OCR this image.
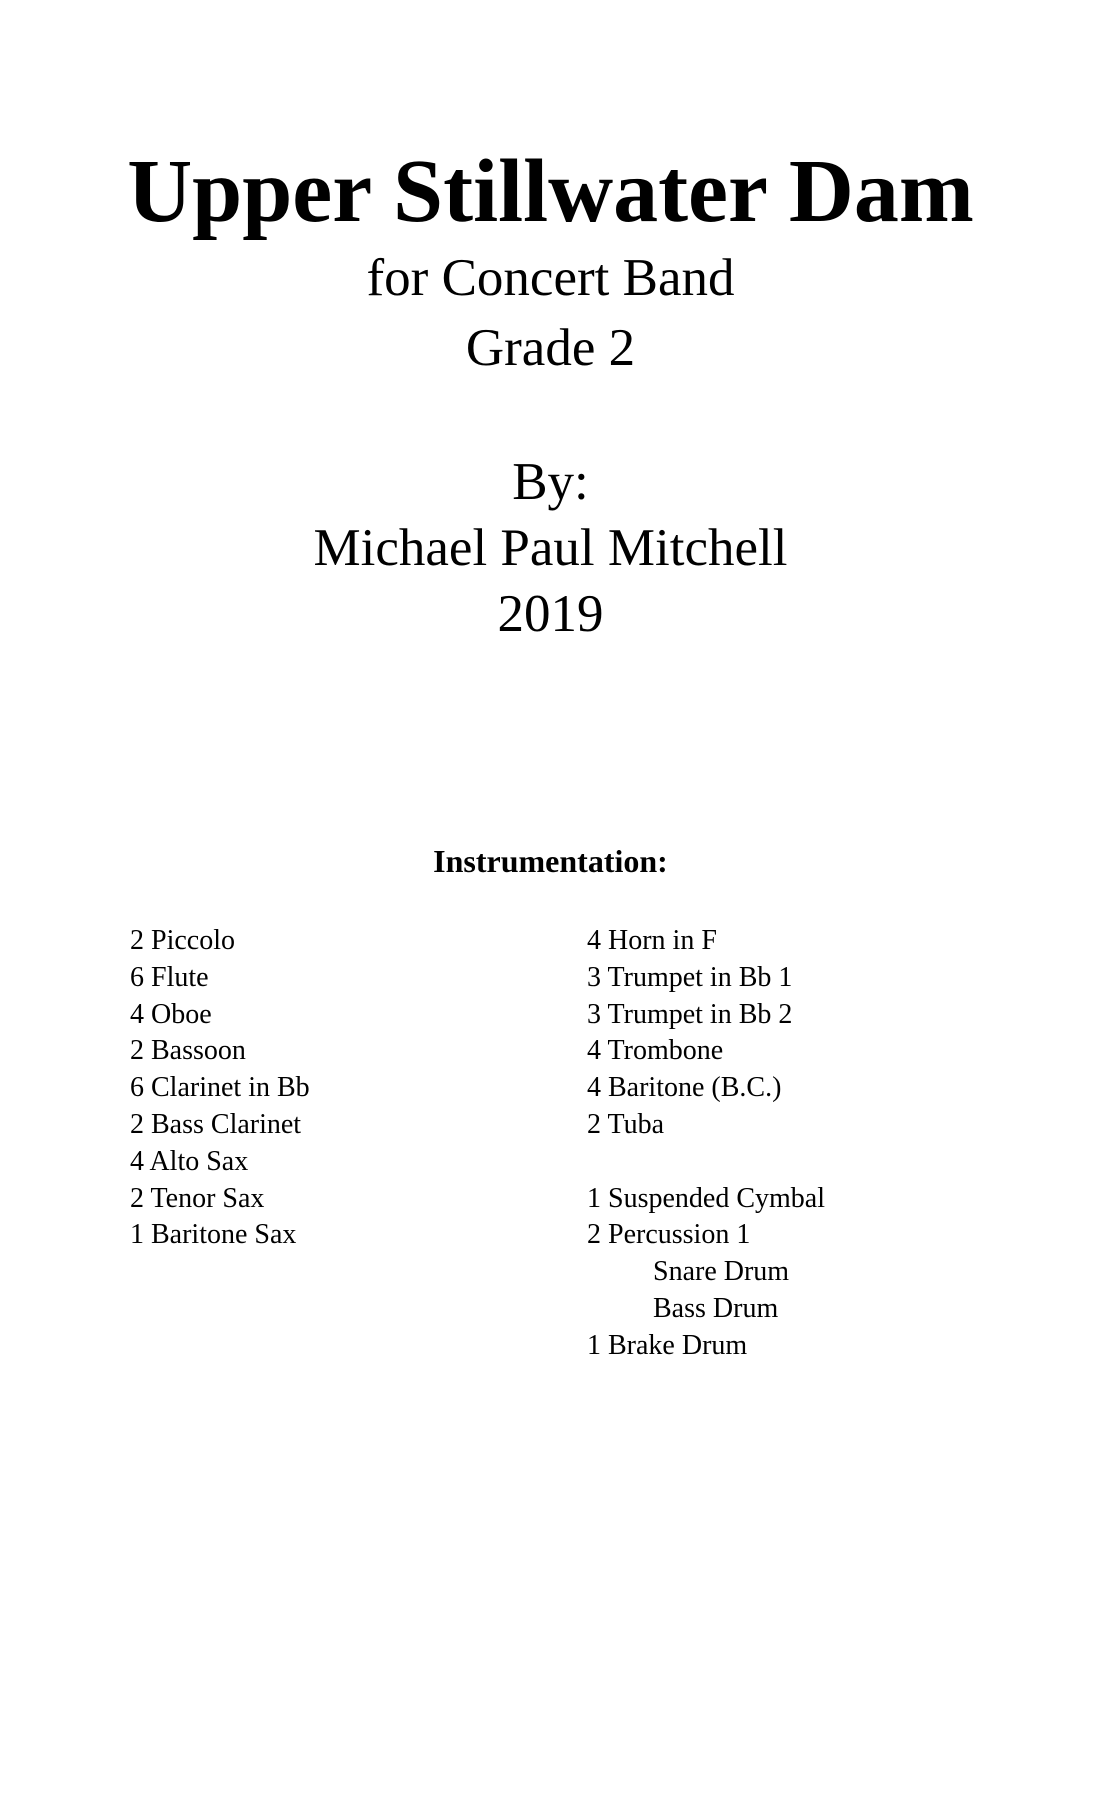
Upper Stillwater Dam
for Concert Band
Grade 2
By:
Michael Paul Mitchell
2019
Instrumentation:
2 Piccolo
6 Flute
4 Oboe
2 Bassoon
6 Clarinet in Bb
2 Bass Clarinet
4 Alto Sax
2 Tenor Sax
1 Baritone Sax
4 Horn in F
3 Trumpet in Bb 1
3 Trumpet in Bb 2
4 Trombone
4 Baritone (B.C.)
2 Tuba
1 Suspended Cymbal
2 Percussion 1
Snare Drum
Bass Drum
1 Brake Drum
